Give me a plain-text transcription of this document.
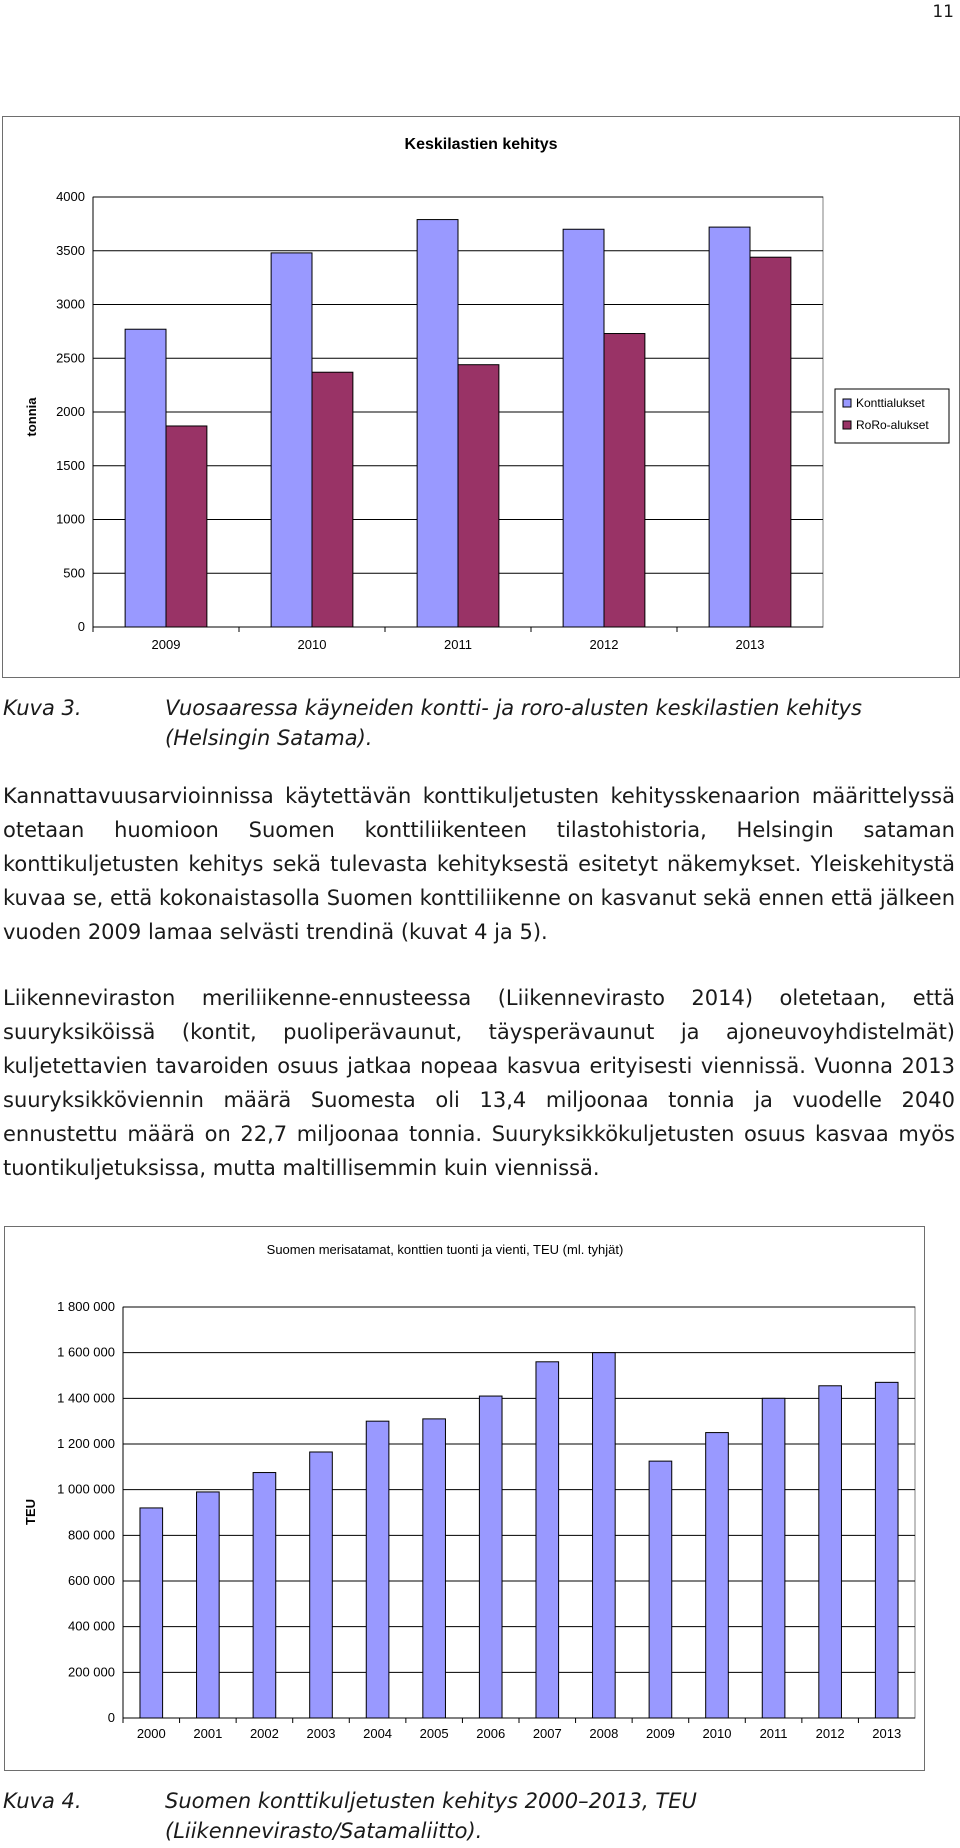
11
0
500
1000
1500
2000
2500
3000
3500
4000
2009	2010	2011	2012	2013
Keskilastien kehitys
tonnia	Konttialukset
RoRo-alukset
Kuva 3.	Vuosaaressa käyneiden kontti- ja roro-alusten keskilastien kehitys (Helsingin Satama).

Kannattavuusarvioinnissa käytettävän konttikuljetusten kehitysskenaarion määrittelyssä otetaan huomioon Suomen konttiliikenteen tilastohistoria, Helsingin sataman konttikuljetusten kehitys sekä tulevasta kehityksestä esitetyt näkemykset. Yleiskehitystä kuvaa se, että kokonaistasolla Suomen konttiliikenne on kasvanut sekä ennen että jälkeen vuoden 2009 lamaa selvästi trendinä (kuvat 4 ja 5).

Liikenneviraston meriliikenne-ennusteessa (Liikennevirasto 2014) oletetaan, että suuryksiköissä (kontit, puoliperävaunut, täysperävaunut ja ajoneuvoyhdistelmät) kuljetettavien tavaroiden osuus jatkaa nopeaa kasvua erityisesti viennissä. Vuonna 2013 suuryksikköviennin määrä Suomesta oli 13,4 miljoonaa tonnia ja vuodelle 2040 ennustettu määrä on 22,7 miljoonaa tonnia. Suuryksikkökuljetusten osuus kasvaa myös tuontikuljetuksissa, mutta maltillisemmin kuin viennissä.

0
200 000
400 000
600 000
800 000
1 000 000
1 200 000
1 400 000
1 600 000
1 800 000
2000 2001 2002 2003 2004 2005 2006 2007 2008 2009 2010 2011 2012 2013
Suomen merisatamat, konttien tuonti ja vienti, TEU (ml. tyhjät)
TEU
Kuva 4.	Suomen konttikuljetusten kehitys 2000–2013, TEU (Liikennevirasto/Satamaliitto).
